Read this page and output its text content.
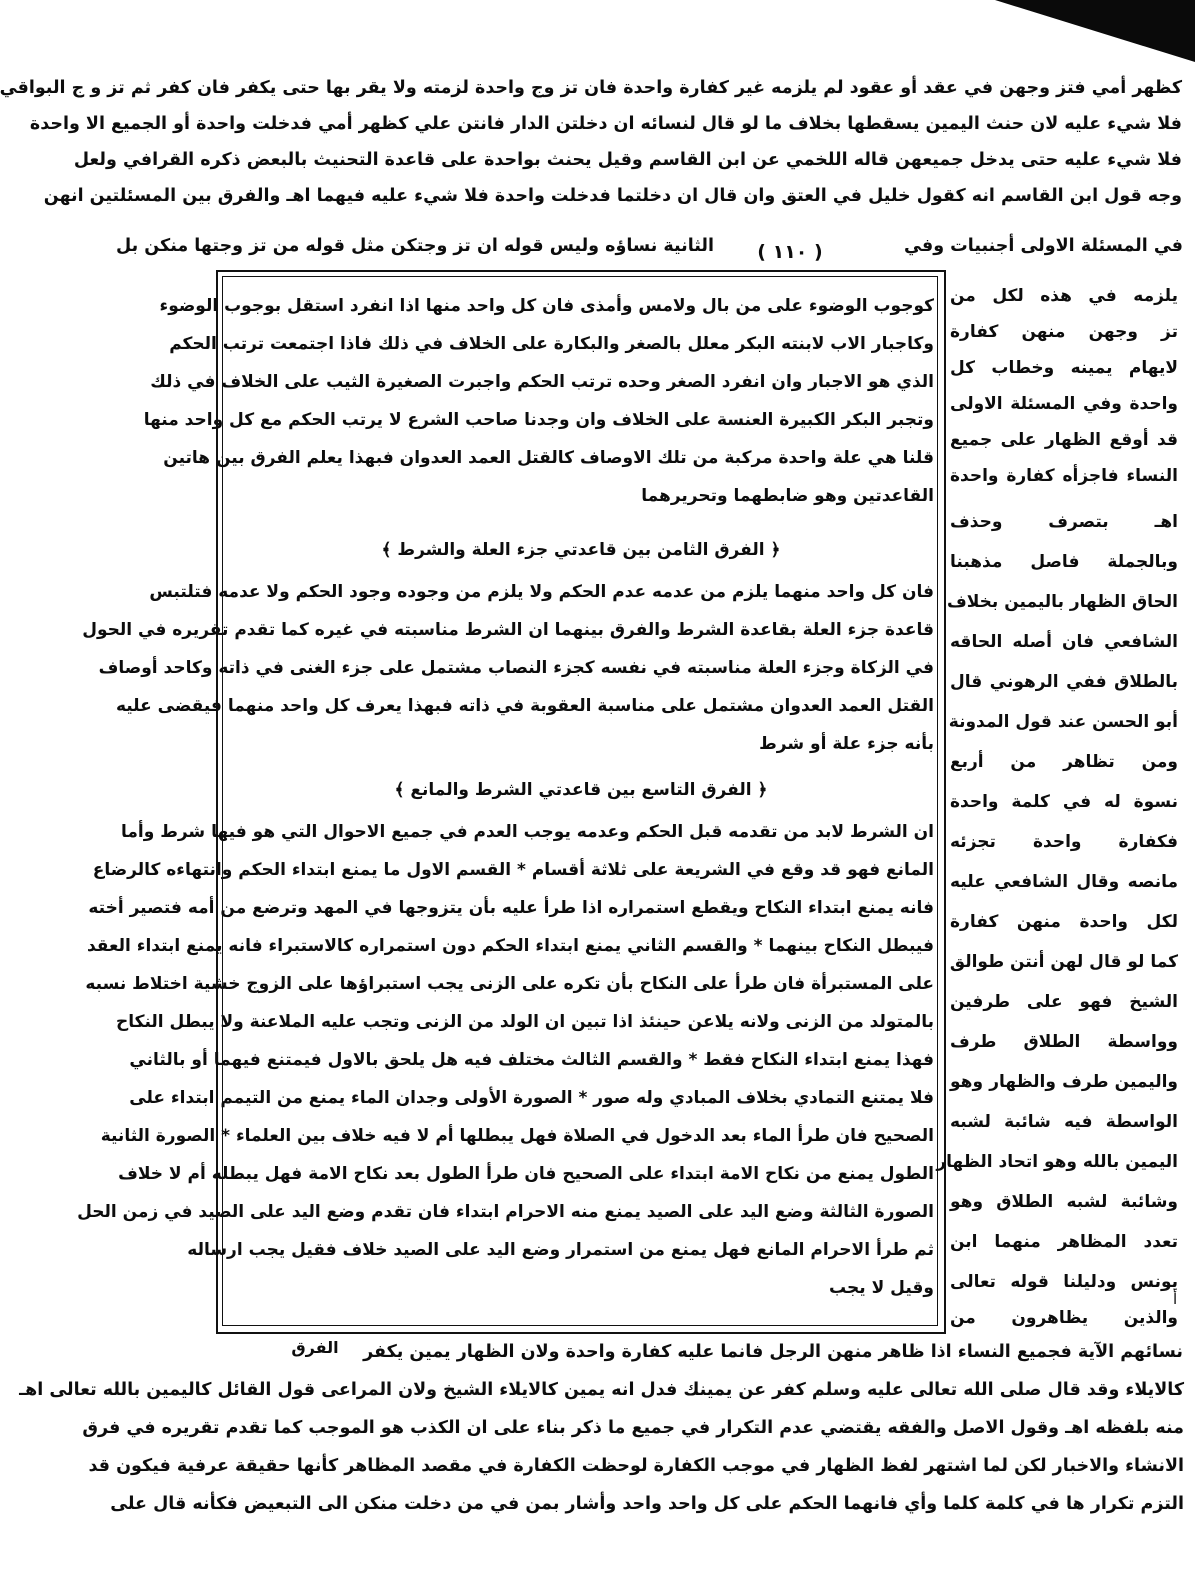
كظهر أمي فتز وجهن في عقد أو عقود لم يلزمه غير كفارة واحدة فان تز وج واحدة لزمته ولا يقر بها حتى يكفر فان كفر ثم تز و ج البواقي
فلا شيء عليه لان حنث اليمين يسقطها بخلاف ما لو قال لنسائه ان دخلتن الدار فانتن علي كظهر أمي فدخلت واحدة أو الجميع الا واحدة
فلا شيء عليه حتى يدخل جميعهن قاله اللخمي عن ابن القاسم وقيل يحنث بواحدة على قاعدة التحنيث بالبعض ذكره القرافي ولعل
وجه قول ابن القاسم انه كقول خليل في العتق وان قال ان دخلتما فدخلت واحدة فلا شيء عليه فيهما اهـ والفرق بين المسئلتين انهن
في المسئلة الاولى أجنبيات وفي
الثانية نساؤه وليس قوله ان تز وجتكن مثل قوله من تز وجتها منكن بل	( ١١٠ )
كوجوب الوضوء على من بال ولامس وأمذى فان كل واحد منها اذا انفرد استقل بوجوب الوضوء
وكاجبار الاب لابنته البكر معلل بالصغر والبكارة على الخلاف في ذلك فاذا اجتمعت ترتب الحكم
الذي هو الاجبار وان انفرد الصغر وحده ترتب الحكم واجبرت الصغيرة الثيب على الخلاف في ذلك
وتجبر البكر الكبيرة العنسة على الخلاف وان وجدنا صاحب الشرع لا يرتب الحكم مع كل واحد منها
قلنا هي علة واحدة مركبة من تلك الاوصاف كالقتل العمد العدوان فبهذا يعلم الفرق بين هاتين
القاعدتين وهو ضابطهما وتحريرهما
﴿ الفرق الثامن بين قاعدتي جزء العلة والشرط ﴾
فان كل واحد منهما يلزم من عدمه عدم الحكم ولا يلزم من وجوده وجود الحكم ولا عدمه فتلتبس
قاعدة جزء العلة بقاعدة الشرط والفرق بينهما ان الشرط مناسبته في غيره كما تقدم تقريره في الحول
في الزكاة وجزء العلة مناسبته في نفسه كجزء النصاب مشتمل على جزء الغنى في ذاته وكاحد أوصاف
القتل العمد العدوان مشتمل على مناسبة العقوبة في ذاته فبهذا يعرف كل واحد منهما فيقضى عليه
بأنه جزء علة أو شرط
﴿ الفرق التاسع بين قاعدتي الشرط والمانع ﴾
ان الشرط لابد من تقدمه قبل الحكم وعدمه يوجب العدم في جميع الاحوال التي هو فيها شرط وأما
المانع فهو قد وقع في الشريعة على ثلاثة أقسام * القسم الاول ما يمنع ابتداء الحكم وانتهاءه كالرضاع
فانه يمنع ابتداء النكاح ويقطع استمراره اذا طرأ عليه بأن يتزوجها في المهد وترضع من أمه فتصير أخته
فيبطل النكاح بينهما * والقسم الثاني يمنع ابتداء الحكم دون استمراره كالاستبراء فانه يمنع ابتداء العقد
على المستبرأة فان طرأ على النكاح بأن تكره على الزنى يجب استبراؤها على الزوج خشية اختلاط نسبه
بالمتولد من الزنى ولانه يلاعن حينئذ اذا تبين ان الولد من الزنى وتجب عليه الملاعنة ولا يبطل النكاح
فهذا يمنع ابتداء النكاح فقط * والقسم الثالث مختلف فيه هل يلحق بالاول فيمتنع فيهما أو بالثاني
فلا يمتنع التمادي بخلاف المبادي وله صور * الصورة الأولى وجدان الماء يمنع من التيمم ابتداء على
الصحيح فان طرأ الماء بعد الدخول في الصلاة فهل يبطلها أم لا فيه خلاف بين العلماء * الصورة الثانية
الطول يمنع من نكاح الامة ابتداء على الصحيح فان طرأ الطول بعد نكاح الامة فهل يبطله أم لا خلاف
الصورة الثالثة وضع اليد على الصيد يمنع منه الاحرام ابتداء فان تقدم وضع اليد على الصيد في زمن الحل
ثم طرأ الاحرام المانع فهل يمنع من استمرار وضع اليد على الصيد خلاف فقيل يجب ارساله
وقيل لا يجب
يلزمه في هذه لكل من
تز وجهن منهن كفارة
لايهام يمينه وخطاب كل
واحدة وفي المسئلة الاولى
قد أوقع الظهار على جميع
النساء فاجزأه كفارة واحدة
اهـ بتصرف وحذف
وبالجملة فاصل مذهبنا
الحاق الظهار باليمين بخلاف
الشافعي فان أصله الحاقه
بالطلاق ففي الرهوني قال
أبو الحسن عند قول المدونة
ومن تظاهر من أربع
نسوة له في كلمة واحدة
فكفارة واحدة تجزئه
مانصه وقال الشافعي عليه
لكل واحدة منهن كفارة
كما لو قال لهن أنتن طوالق
الشيخ فهو على طرفين
وواسطة الطلاق طرف
واليمين طرف والظهار وهو
الواسطة فيه شائبة لشبه
اليمين بالله وهو اتحاد الظهار
وشائبة لشبه الطلاق وهو
تعدد المظاهر منهما ابن
يونس ودليلنا قوله تعالى
والذين يظاهرون من
أ
نسائهم الآية فجميع النساء اذا ظاهر منهن الرجل فانما عليه كفارة واحدة ولان الظهار يمين يكفر
الفرق
كالايلاء وقد قال صلى الله تعالى عليه وسلم كفر عن يمينك فدل انه يمين كالايلاء الشيخ ولان المراعى قول القائل كاليمين بالله تعالى اهـ
منه بلفظه اهـ وقول الاصل والفقه يقتضي عدم التكرار في جميع ما ذكر بناء على ان الكذب هو الموجب كما تقدم تقريره في فرق
الانشاء والاخبار لكن لما اشتهر لفظ الظهار في موجب الكفارة لوحظت الكفارة في مقصد المظاهر كأنها حقيقة عرفية فيكون قد
التزم تكرار ها في كلمة كلما وأي فانهما الحكم على كل واحد واحد وأشار بمن في من دخلت منكن الى التبعيض فكأنه قال على
